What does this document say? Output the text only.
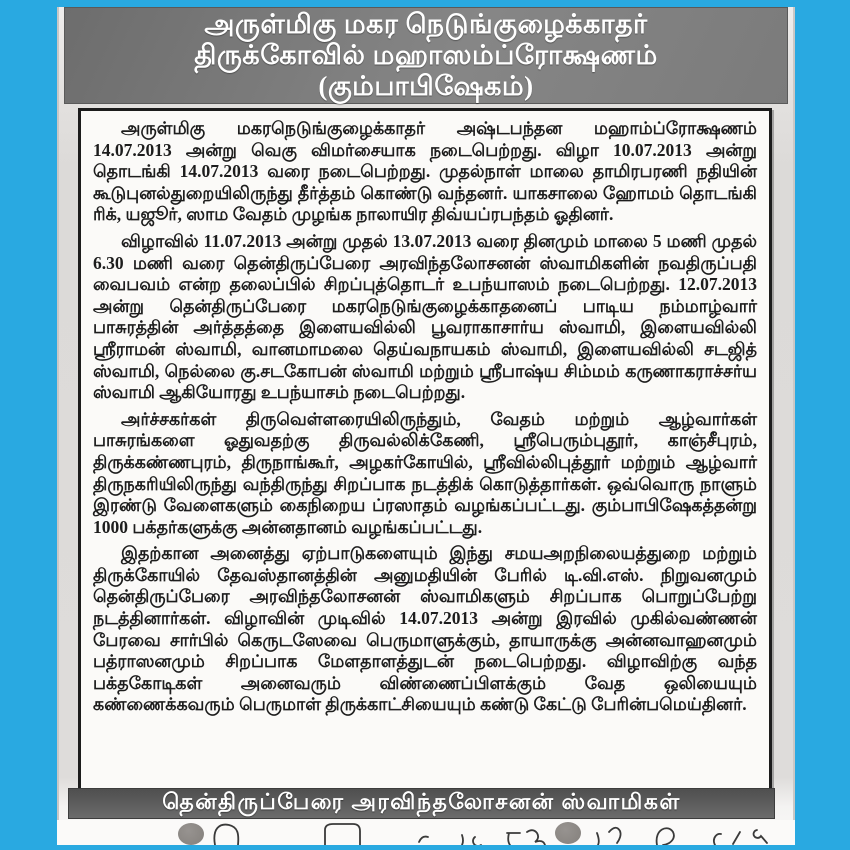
அருள்மிகு மகர நெடுங்குழைக்காதர்
திருக்கோவில் மஹாஸம்ப்ரோக்ஷணம்
(கும்பாபிஷேகம்)

அருள்மிகு மகரநெடுங்குழைக்காதர் அஷ்டபந்தன மஹாம்ப்ரோக்ஷணம் 14.07.2013 அன்று வெகு விமர்சையாக நடைபெற்றது. விழா 10.07.2013 அன்று தொடங்கி 14.07.2013 வரை நடைபெற்றது. முதல்நாள் மாலை தாமிரபரணி நதியின் கூடுபுனல்துறையிலிருந்து தீர்த்தம் கொண்டு வந்தனர். யாகசாலை ஹோமம் தொடங்கி ரிக், யஜூர், ஸாம வேதம் முழங்க நாலாயிர திவ்யப்ரபந்தம் ஓதினர்.

விழாவில் 11.07.2013 அன்று முதல் 13.07.2013 வரை தினமும் மாலை 5 மணி முதல் 6.30 மணி வரை தென்திருப்பேரை அரவிந்தலோசனன் ஸ்வாமிகளின் நவதிருப்பதி வைபவம் என்ற தலைப்பில் சிறப்புத்தொடர் உபந்யாஸம் நடைபெற்றது. 12.07.2013 அன்று தென்திருப்பேரை மகரநெடுங்குழைக்காதனைப் பாடிய நம்மாழ்வார் பாசுரத்தின் அர்த்தத்தை இளையவில்லி பூவராகாசார்ய ஸ்வாமி, இளையவில்லி ஸ்ரீராமன் ஸ்வாமி, வானமாமலை தெய்வநாயகம் ஸ்வாமி, இளையவில்லி சடஜித் ஸ்வாமி, நெல்லை கு.சடகோபன் ஸ்வாமி மற்றும் ஸ்ரீபாஷ்ய சிம்மம் கருணாகராச்சர்ய ஸ்வாமி ஆகியோரது உபந்யாசம் நடைபெற்றது.

அர்ச்சகர்கள் திருவெள்ளரையிலிருந்தும், வேதம் மற்றும் ஆழ்வார்கள் பாசுரங்களை ஓதுவதற்கு திருவல்லிக்கேணி, ஸ்ரீபெரும்புதூர், காஞ்சீபுரம், திருக்கண்ணபுரம், திருநாங்கூர், அழகர்கோயில், ஸ்ரீவில்லிபுத்தூர் மற்றும் ஆழ்வார் திருநகரியிலிருந்து வந்திருந்து சிறப்பாக நடத்திக் கொடுத்தார்கள். ஒவ்வொரு நாளும் இரண்டு வேளைகளும் கைநிறைய ப்ரஸாதம் வழங்கப்பட்டது. கும்பாபிஷேகத்தன்று 1000 பக்தர்களுக்கு அன்னதானம் வழங்கப்பட்டது.

இதற்கான அனைத்து ஏற்பாடுகளையும் இந்து சமயஅறநிலையத்துறை மற்றும் திருக்கோயில் தேவஸ்தானத்தின் அனுமதியின் பேரில் டி.வி.எஸ். நிறுவனமும் தென்திருப்பேரை அரவிந்தலோசனன் ஸ்வாமிகளும் சிறப்பாக பொறுப்பேற்று நடத்தினார்கள். விழாவின் முடிவில் 14.07.2013 அன்று இரவில் முகில்வண்ணன் பேரவை சார்பில் கெருடஸேவை பெருமாளுக்கும், தாயாருக்கு அன்னவாஹனமும் பத்ராஸனமும் சிறப்பாக மேளதாளத்துடன் நடைபெற்றது. விழாவிற்கு வந்த பக்தகோடிகள் அனைவரும் விண்ணைப்பிளக்கும் வேத ஒலியையும் கண்ணைக்கவரும் பெருமாள் திருக்காட்சியையும் கண்டு கேட்டு பேரின்பமெய்தினர்.

தென்திருப்பேரை அரவிந்தலோசனன் ஸ்வாமிகள்
